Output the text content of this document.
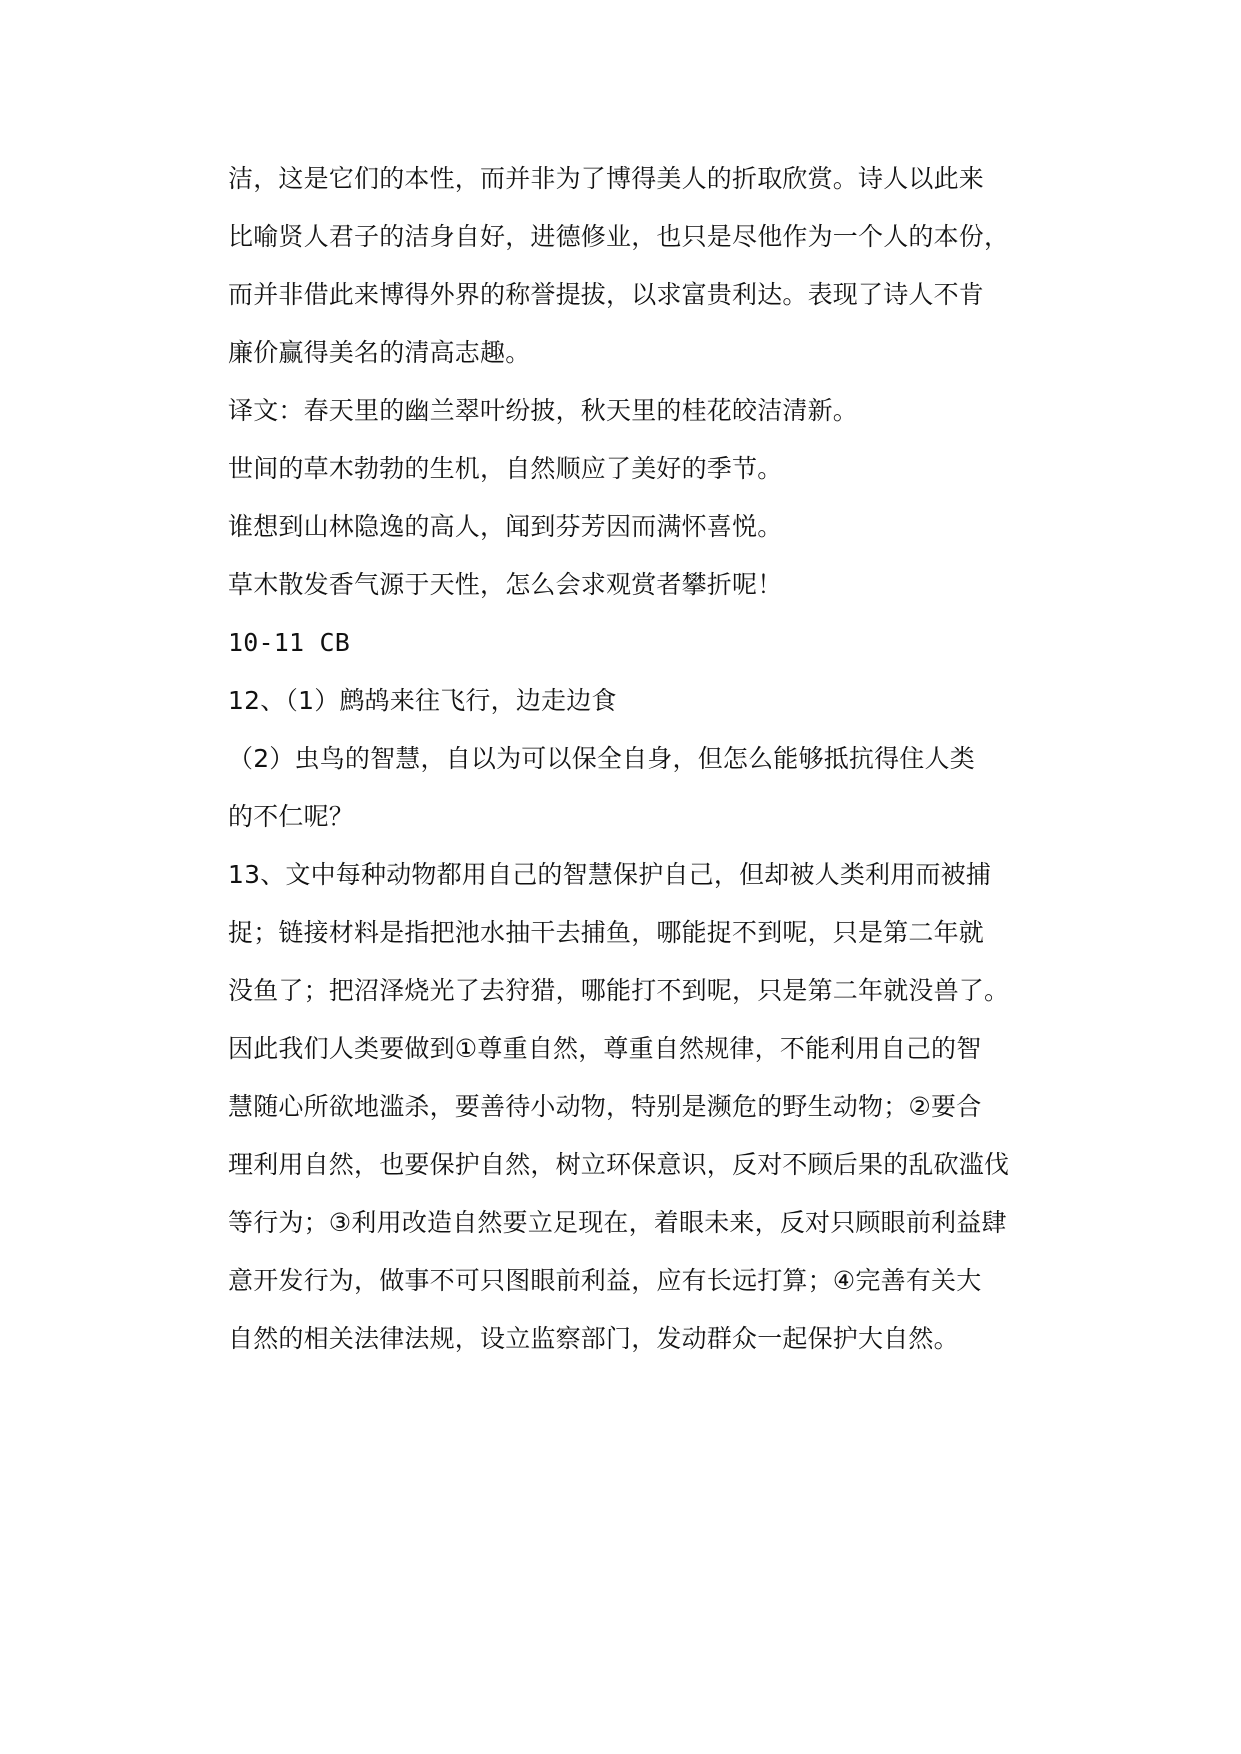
洁，这是它们的本性，而并非为了博得美人的折取欣赏。诗人以此来
比喻贤人君子的洁身自好，进德修业，也只是尽他作为一个人的本份，
而并非借此来博得外界的称誉提拔，以求富贵利达。表现了诗人不肯
廉价赢得美名的清高志趣。
译文：春天里的幽兰翠叶纷披，秋天里的桂花皎洁清新。
世间的草木勃勃的生机，自然顺应了美好的季节。
谁想到山林隐逸的高人，闻到芬芳因而满怀喜悦。
草木散发香气源于天性，怎么会求观赏者攀折呢！
10-11 CB
12、（1）鹧鸪来往飞行，边走边食
（2）虫鸟的智慧，自以为可以保全自身，但怎么能够抵抗得住人类
的不仁呢？
13、文中每种动物都用自己的智慧保护自己，但却被人类利用而被捕
捉；链接材料是指把池水抽干去捕鱼，哪能捉不到呢，只是第二年就
没鱼了；把沼泽烧光了去狩猎，哪能打不到呢，只是第二年就没兽了。
因此我们人类要做到①尊重自然，尊重自然规律，不能利用自己的智
慧随心所欲地滥杀，要善待小动物，特别是濒危的野生动物；②要合
理利用自然，也要保护自然，树立环保意识，反对不顾后果的乱砍滥伐
等行为；③利用改造自然要立足现在，着眼未来，反对只顾眼前利益肆
意开发行为，做事不可只图眼前利益，应有长远打算；④完善有关大
自然的相关法律法规，设立监察部门，发动群众一起保护大自然。
